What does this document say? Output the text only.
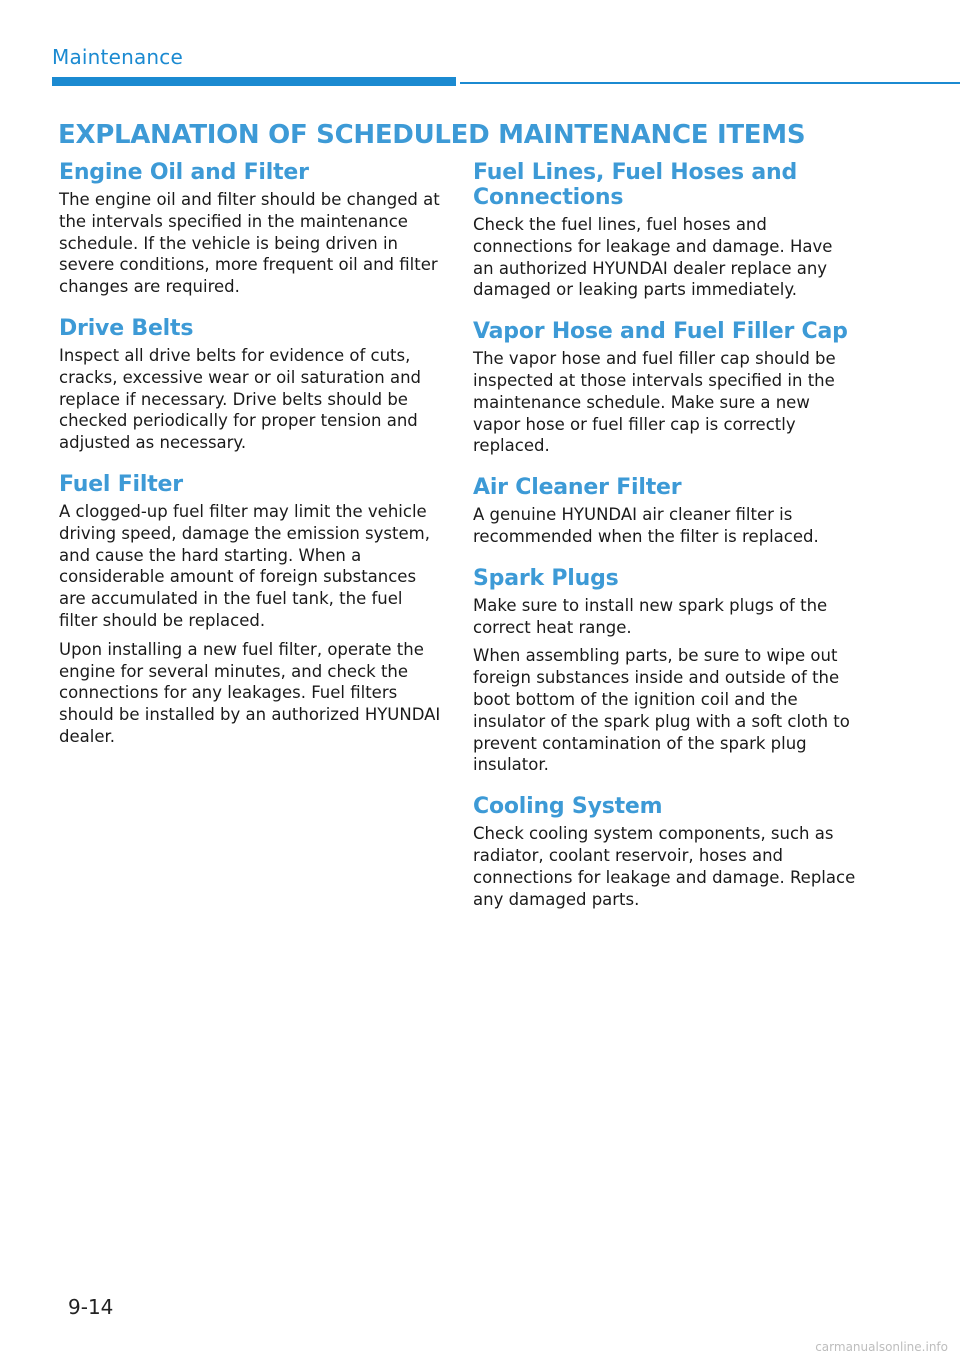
Maintenance
EXPLANATION OF SCHEDULED MAINTENANCE ITEMS
Engine Oil and Filter

The engine oil and filter should be changed at the intervals specified in the maintenance schedule. If the vehicle is being driven in severe conditions, more frequent oil and filter changes are required.

Drive Belts

Inspect all drive belts for evidence of cuts, cracks, excessive wear or oil saturation and replace if necessary. Drive belts should be checked periodically for proper tension and adjusted as necessary.

Fuel Filter

A clogged-up fuel filter may limit the vehicle driving speed, damage the emission system, and cause the hard starting. When a considerable amount of foreign substances are accumulated in the fuel tank, the fuel filter should be replaced.

Upon installing a new fuel filter, operate the engine for several minutes, and check the connections for any leakages. Fuel filters should be installed by an authorized HYUNDAI dealer.

Fuel Lines, Fuel Hoses and Connections

Check the fuel lines, fuel hoses and connections for leakage and damage. Have an authorized HYUNDAI dealer replace any damaged or leaking parts immediately.

Vapor Hose and Fuel Filler Cap

The vapor hose and fuel filler cap should be inspected at those intervals specified in the maintenance schedule. Make sure a new vapor hose or fuel filler cap is correctly replaced.

Air Cleaner Filter

A genuine HYUNDAI air cleaner filter is recommended when the filter is replaced.

Spark Plugs

Make sure to install new spark plugs of the correct heat range.

When assembling parts, be sure to wipe out foreign substances inside and outside of the boot bottom of the ignition coil and the insulator of the spark plug with a soft cloth to prevent contamination of the spark plug insulator.

Cooling System

Check cooling system components, such as radiator, coolant reservoir, hoses and connections for leakage and damage. Replace any damaged parts.

9-14
carmanualsonline.info
